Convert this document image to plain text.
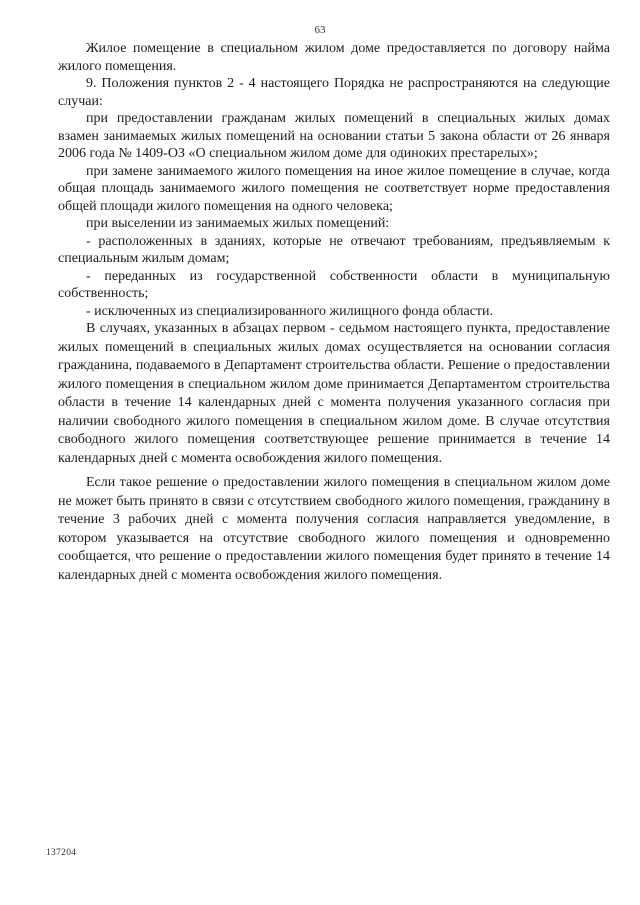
63

Жилое помещение в специальном жилом доме предоставляется по договору найма жилого помещения.

9. Положения пунктов 2 - 4 настоящего Порядка не распространяются на следующие случаи:

при предоставлении гражданам жилых помещений в специальных жилых домах взамен занимаемых жилых помещений на основании статьи 5 закона области от 26 января 2006 года № 1409-ОЗ «О специальном жилом доме для одиноких престарелых»;

при замене занимаемого жилого помещения на иное жилое помещение в случае, когда общая площадь занимаемого жилого помещения не соответствует норме предоставления общей площади жилого помещения на одного человека;

при выселении из занимаемых жилых помещений:

- расположенных в зданиях, которые не отвечают требованиям, предъявляемым к специальным жилым домам;

- переданных из государственной собственности области в муниципальную собственность;

- исключенных из специализированного жилищного фонда области.

В случаях, указанных в абзацах первом - седьмом настоящего пункта, предоставление жилых помещений в специальных жилых домах осуществляется на основании согласия гражданина, подаваемого в Департамент строительства области. Решение о предоставлении жилого помещения в специальном жилом доме принимается Департаментом строительства области в течение 14 календарных дней с момента получения указанного согласия при наличии свободного жилого помещения в специальном жилом доме. В случае отсутствия свободного жилого помещения соответствующее решение принимается в течение 14 календарных дней с момента освобождения жилого помещения.

Если такое решение о предоставлении жилого помещения в специальном жилом доме не может быть принято в связи с отсутствием свободного жилого помещения, гражданину в течение 3 рабочих дней с момента получения согласия направляется уведомление, в котором указывается на отсутствие свободного жилого помещения и одновременно сообщается, что решение о предоставлении жилого помещения будет принято в течение 14 календарных дней с момента освобождения жилого помещения.

137204
